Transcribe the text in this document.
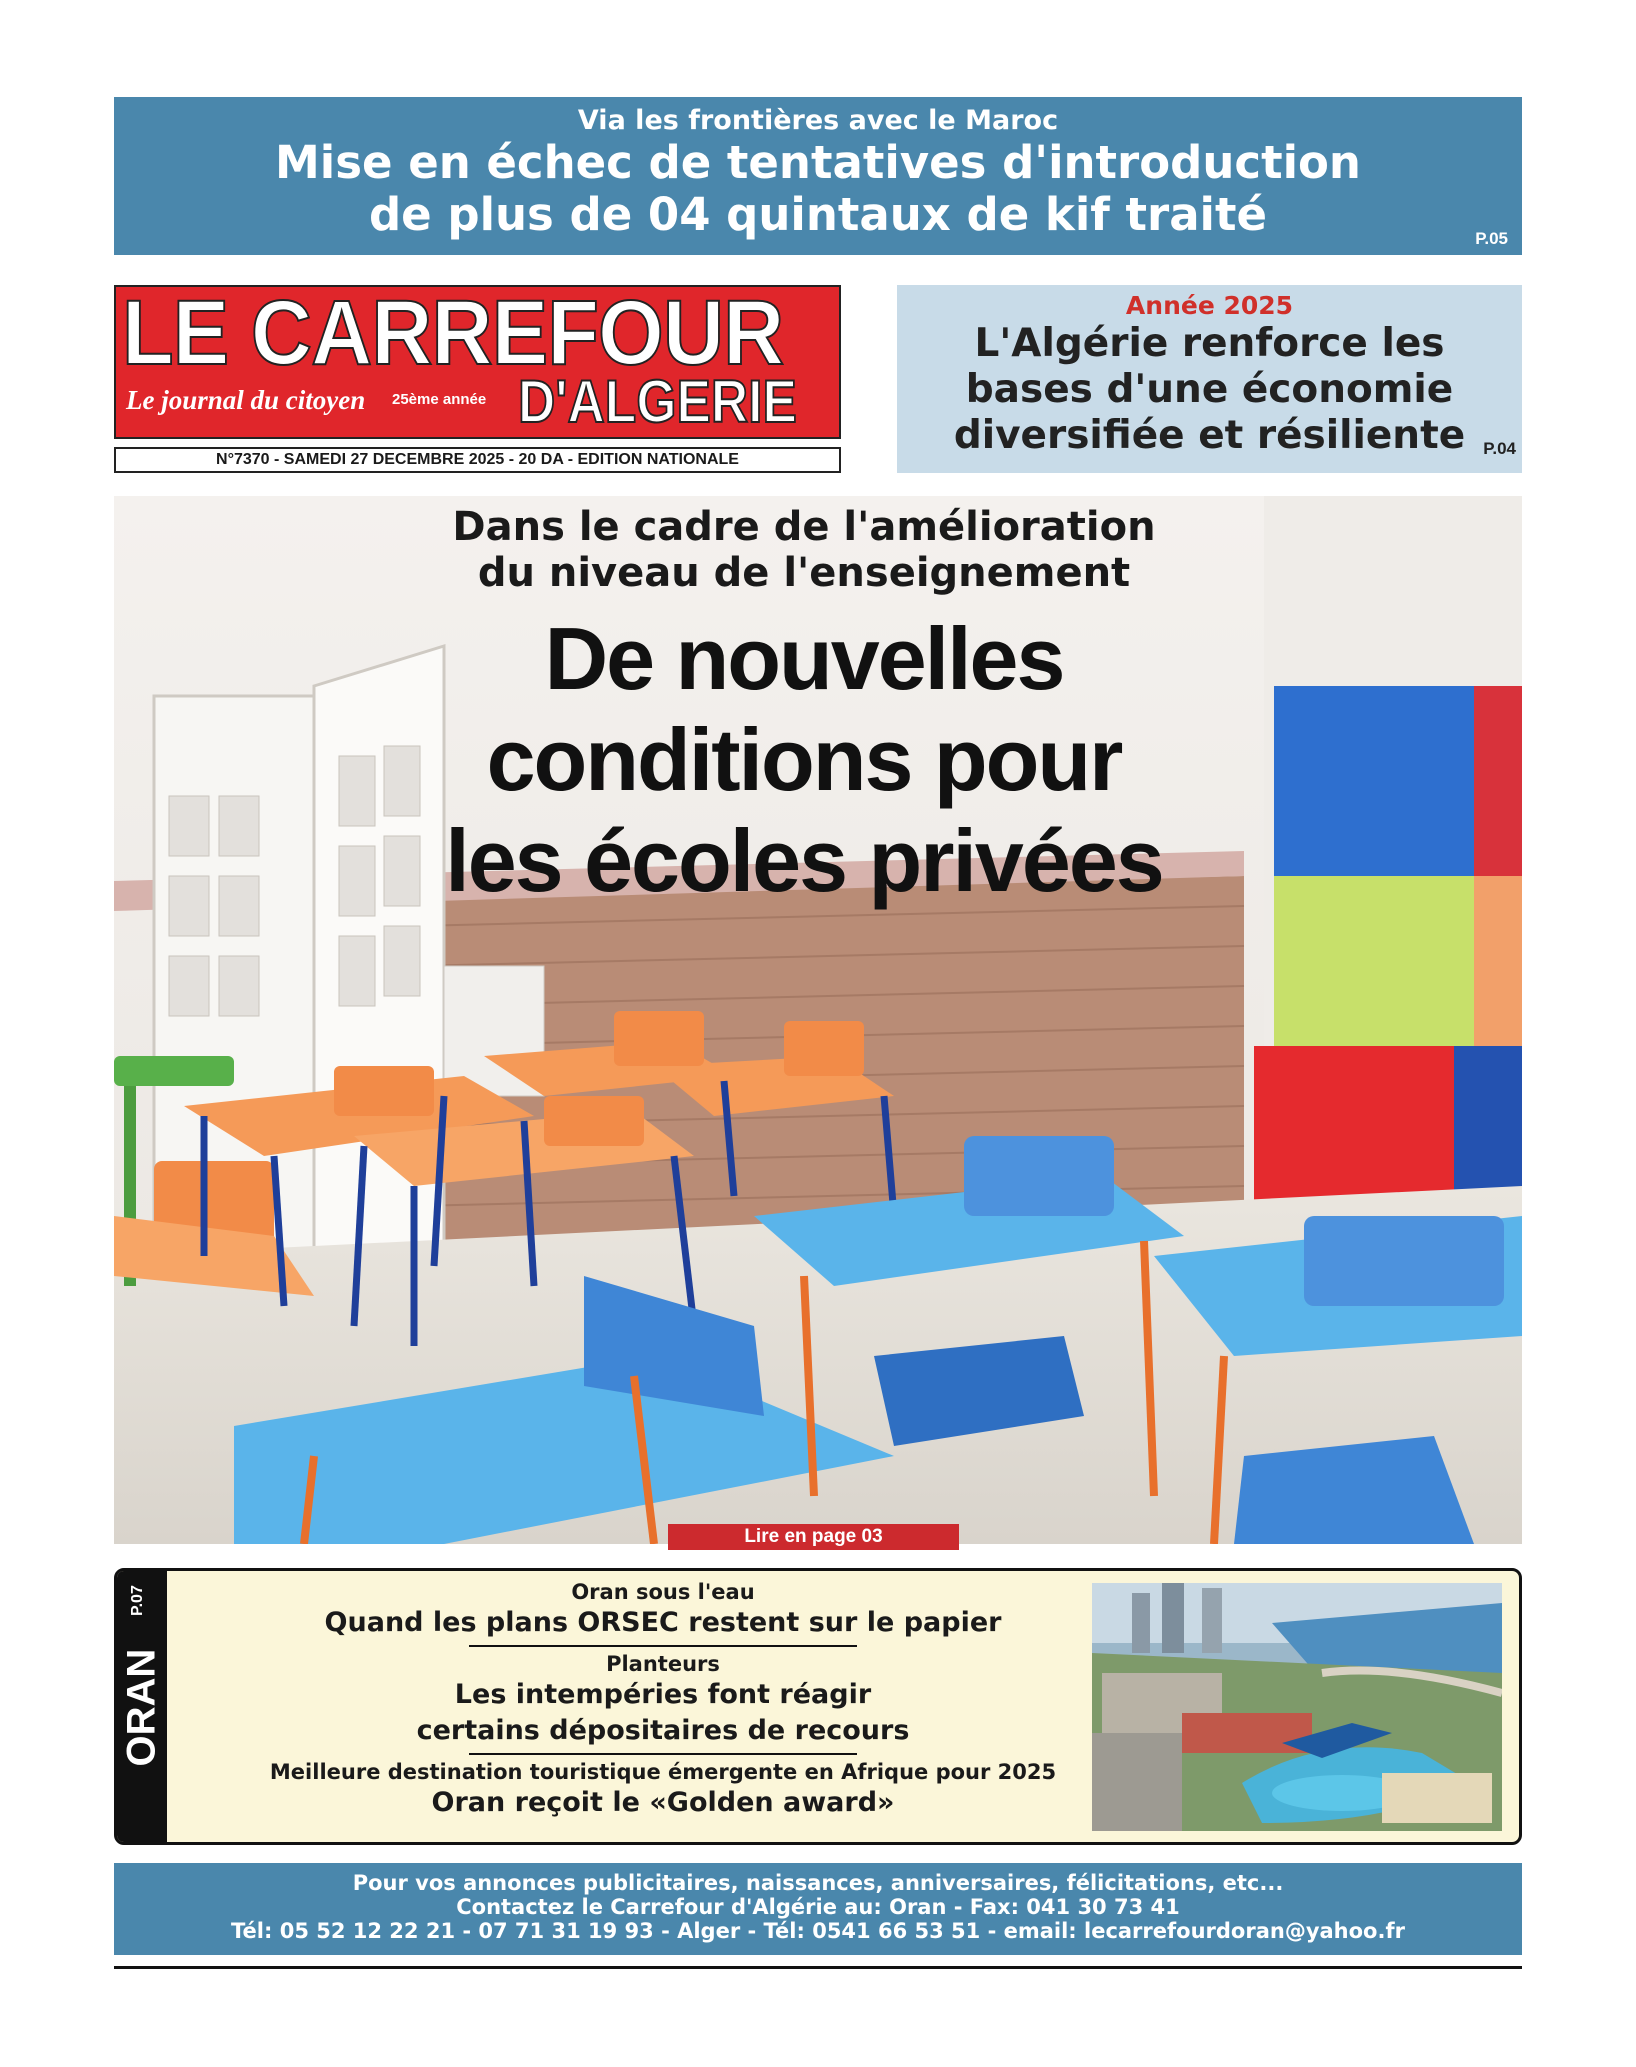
Via les frontières avec le Maroc
Mise en échec de tentatives d'introduction
de plus de 04 quintaux de kif traité	P.05
LE CARREFOUR
Le journal du citoyen 25ème année D'ALGERIE
N°7370 - SAMEDI 27 DECEMBRE 2025 - 20 DA - EDITION NATIONALE
Année 2025
L'Algérie renforce les
bases d'une économie
diversifiée et résiliente	P.04
Dans le cadre de l'amélioration
du niveau de l'enseignement
De nouvelles
conditions pour
les écoles privées
Lire en page 03
P.07
ORAN
Oran sous l'eau
Quand les plans ORSEC restent sur le papier
Planteurs
Les intempéries font réagir
certains dépositaires de recours
Meilleure destination touristique émergente en Afrique pour 2025
Oran reçoit le «Golden award»
Pour vos annonces publicitaires, naissances, anniversaires, félicitations, etc...
Contactez le Carrefour d'Algérie au: Oran - Fax: 041 30 73 41
Tél: 05 52 12 22 21 - 07 71 31 19 93 - Alger - Tél: 0541 66 53 51 - email: lecarrefourdoran@yahoo.fr
